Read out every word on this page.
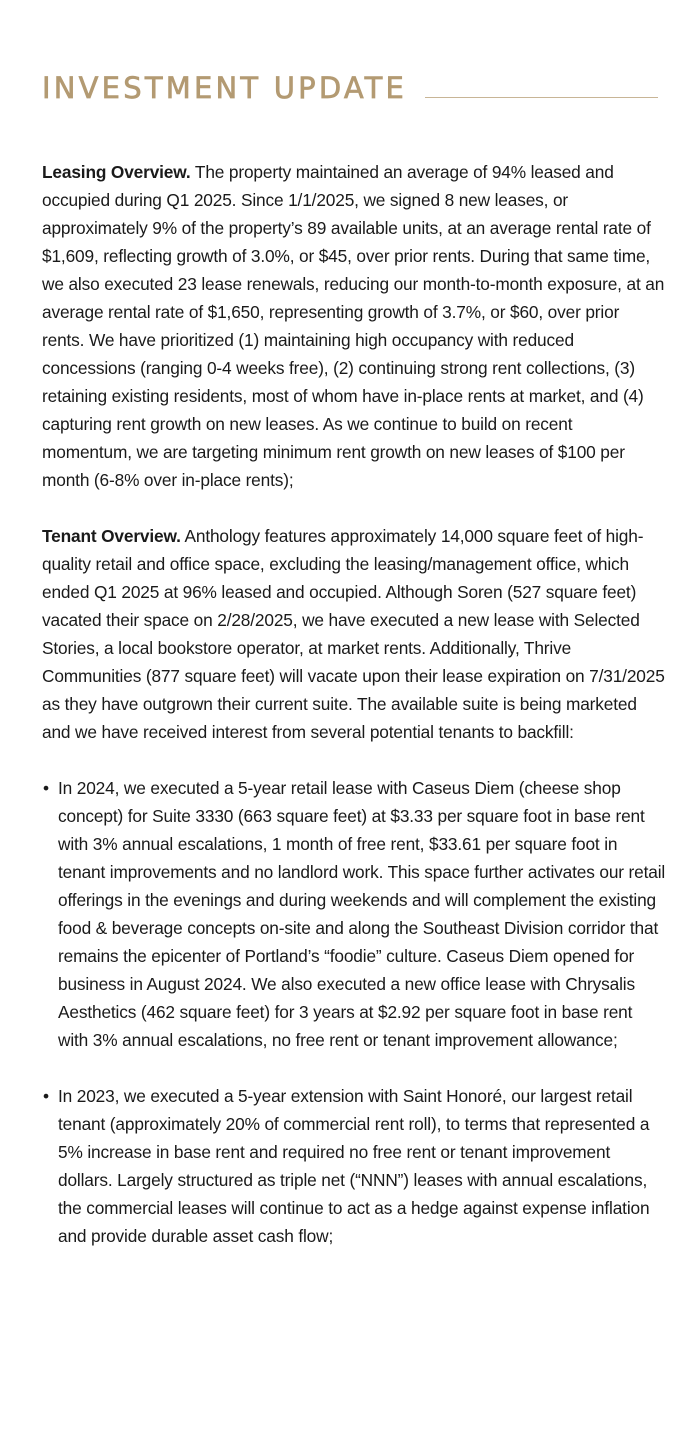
INVESTMENT UPDATE

Leasing Overview. The property maintained an average of 94% leased and occupied during Q1 2025. Since 1/1/2025, we signed 8 new leases, or approximately 9% of the property’s 89 available units, at an average rental rate of $1,609, reflecting growth of 3.0%, or $45, over prior rents. During that same time, we also executed 23 lease renewals, reducing our month-to-month exposure, at an average rental rate of $1,650, representing growth of 3.7%, or $60, over prior rents. We have prioritized (1) maintaining high occupancy with reduced concessions (ranging 0-4 weeks free), (2) continuing strong rent collections, (3) retaining existing residents, most of whom have in-place rents at market, and (4) capturing rent growth on new leases. As we continue to build on recent momentum, we are targeting minimum rent growth on new leases of $100 per month (6-8% over in-place rents);

Tenant Overview. Anthology features approximately 14,000 square feet of high-quality retail and office space, excluding the leasing/management office, which ended Q1 2025 at 96% leased and occupied. Although Soren (527 square feet) vacated their space on 2/28/2025, we have executed a new lease with Selected Stories, a local bookstore operator, at market rents. Additionally, Thrive Communities (877 square feet) will vacate upon their lease expiration on 7/31/2025 as they have outgrown their current suite. The available suite is being marketed and we have received interest from several potential tenants to backfill:

• In 2024, we executed a 5-year retail lease with Caseus Diem (cheese shop concept) for Suite 3330 (663 square feet) at $3.33 per square foot in base rent with 3% annual escalations, 1 month of free rent, $33.61 per square foot in tenant improvements and no landlord work. This space further activates our retail offerings in the evenings and during weekends and will complement the existing food & beverage concepts on-site and along the Southeast Division corridor that remains the epicenter of Portland’s “foodie” culture. Caseus Diem opened for business in August 2024. We also executed a new office lease with Chrysalis Aesthetics (462 square feet) for 3 years at $2.92 per square foot in base rent with 3% annual escalations, no free rent or tenant improvement allowance;
• In 2023, we executed a 5-year extension with Saint Honoré, our largest retail tenant (approximately 20% of commercial rent roll), to terms that represented a 5% increase in base rent and required no free rent or tenant improvement dollars. Largely structured as triple net (“NNN”) leases with annual escalations, the commercial leases will continue to act as a hedge against expense inflation and provide durable asset cash flow;
